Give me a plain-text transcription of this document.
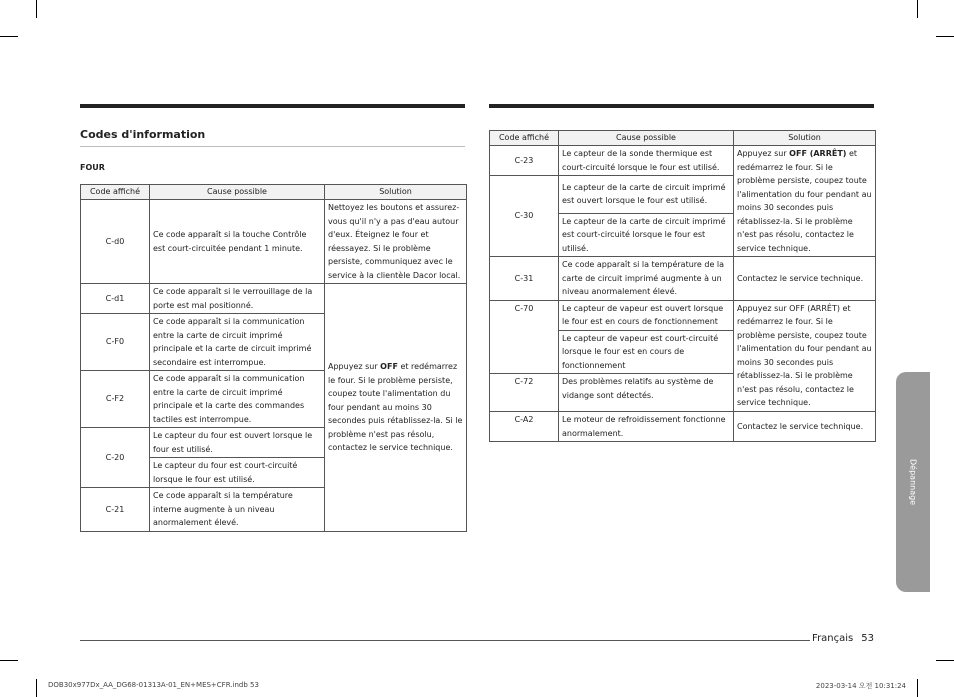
Codes d'information
FOUR
Code affiché	Cause possible	Solution
C-d0	Ce code apparaît si la touche Contrôle est court-circuitée pendant 1 minute.	Nettoyez les boutons et assurez-vous qu'il n'y a pas d'eau autour d'eux. Éteignez le four et réessayez. Si le problème persiste, communiquez avec le service à la clientèle Dacor local.
C-d1	Ce code apparaît si le verrouillage de la porte est mal positionné.	Appuyez sur OFF et redémarrez le four. Si le problème persiste, coupez toute l'alimentation du four pendant au moins 30 secondes puis rétablissez-la. Si le problème n'est pas résolu, contactez le service technique.
C-F0	Ce code apparaît si la communication entre la carte de circuit imprimé principale et la carte de circuit imprimé secondaire est interrompue.	
C-F2	Ce code apparaît si la communication entre la carte de circuit imprimé principale et la carte des commandes tactiles est interrompue.	
C-20	Le capteur du four est ouvert lorsque le four est utilisé.	
	Le capteur du four est court-circuité lorsque le four est utilisé.	
C-21	Ce code apparaît si la température interne augmente à un niveau anormalement élevé.	
Code affiché	Cause possible	Solution
C-23	Le capteur de la sonde thermique est court-circuité lorsque le four est utilisé.	Appuyez sur OFF (ARRÊT) et redémarrez le four. Si le problème persiste, coupez toute l'alimentation du four pendant au moins 30 secondes puis rétablissez-la. Si le problème n'est pas résolu, contactez le service technique.
C-30	Le capteur de la carte de circuit imprimé est ouvert lorsque le four est utilisé.	
	Le capteur de la carte de circuit imprimé est court-circuité lorsque le four est utilisé.	
C-31	Ce code apparaît si la température de la carte de circuit imprimé augmente à un niveau anormalement élevé.	Contactez le service technique.
C-70	Le capteur de vapeur est ouvert lorsque le four est en cours de fonctionnement	Appuyez sur OFF (ARRÊT) et redémarrez le four. Si le problème persiste, coupez toute l'alimentation du four pendant au moins 30 secondes puis rétablissez-la. Si le problème n'est pas résolu, contactez le service technique.
	Le capteur de vapeur est court-circuité lorsque le four est en cours de fonctionnement	
C-72	Des problèmes relatifs au système de vidange sont détectés.	
C-A2	Le moteur de refroidissement fonctionne anormalement.	Contactez le service technique.
Dépannage
Français 53
DOB30x977Dx_AA_DG68-01313A-01_EN+MES+CFR.indb 53	2023-03-14 오전 10:31:24
